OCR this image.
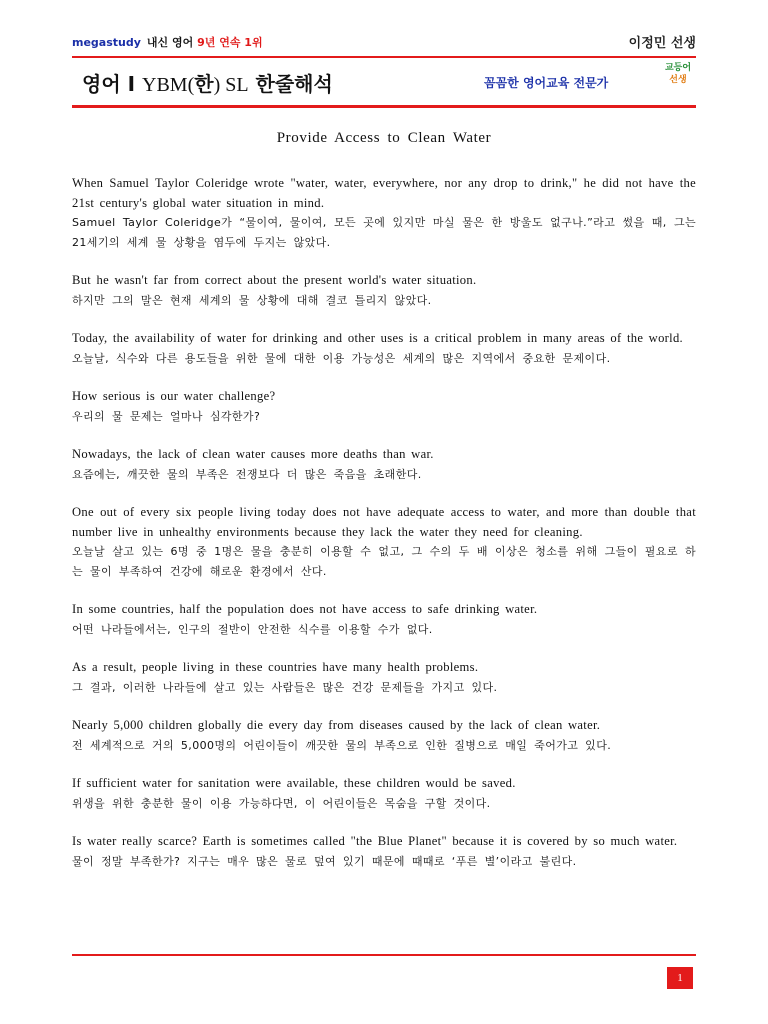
megastudy 내신 영어 9년 연속 1위	이정민 선생
영어 I YBM(한) SL 한줄해석	꼼꼼한 영어교육 전문가
교등어
선생
Provide Access to Clean Water
When Samuel Taylor Coleridge wrote "water, water, everywhere, nor any drop to drink," he did not have the 21st century's global water situation in mind.
Samuel Taylor Coleridge가 “물이여, 물이여, 모든 곳에 있지만 마실 물은 한 방울도 없구나.”라고 썼을 때, 그는 21세기의 세계 물 상황을 염두에 두지는 않았다.
But he wasn't far from correct about the present world's water situation.
하지만 그의 말은 현재 세계의 물 상황에 대해 결코 틀리지 않았다.
Today, the availability of water for drinking and other uses is a critical problem in many areas of the world.
오늘날, 식수와 다른 용도들을 위한 물에 대한 이용 가능성은 세계의 많은 지역에서 중요한 문제이다.
How serious is our water challenge?
우리의 물 문제는 얼마나 심각한가?
Nowadays, the lack of clean water causes more deaths than war.
요즘에는, 깨끗한 물의 부족은 전쟁보다 더 많은 죽음을 초래한다.
One out of every six people living today does not have adequate access to water, and more than double that number live in unhealthy environments because they lack the water they need for cleaning.
오늘날 살고 있는 6명 중 1명은 물을 충분히 이용할 수 없고, 그 수의 두 배 이상은 청소를 위해 그들이 필요로 하는 물이 부족하여 건강에 해로운 환경에서 산다.
In some countries, half the population does not have access to safe drinking water.
어떤 나라들에서는, 인구의 절반이 안전한 식수를 이용할 수가 없다.
As a result, people living in these countries have many health problems.
그 결과, 이러한 나라들에 살고 있는 사람들은 많은 건강 문제들을 가지고 있다.
Nearly 5,000 children globally die every day from diseases caused by the lack of clean water.
전 세계적으로 거의 5,000명의 어린이들이 깨끗한 물의 부족으로 인한 질병으로 매일 죽어가고 있다.
If sufficient water for sanitation were available, these children would be saved.
위생을 위한 충분한 물이 이용 가능하다면, 이 어린이들은 목숨을 구할 것이다.
Is water really scarce? Earth is sometimes called "the Blue Planet" because it is covered by so much water.
물이 정말 부족한가? 지구는 매우 많은 물로 덮여 있기 때문에 때때로 ‘푸른 별’이라고 불린다.
1
